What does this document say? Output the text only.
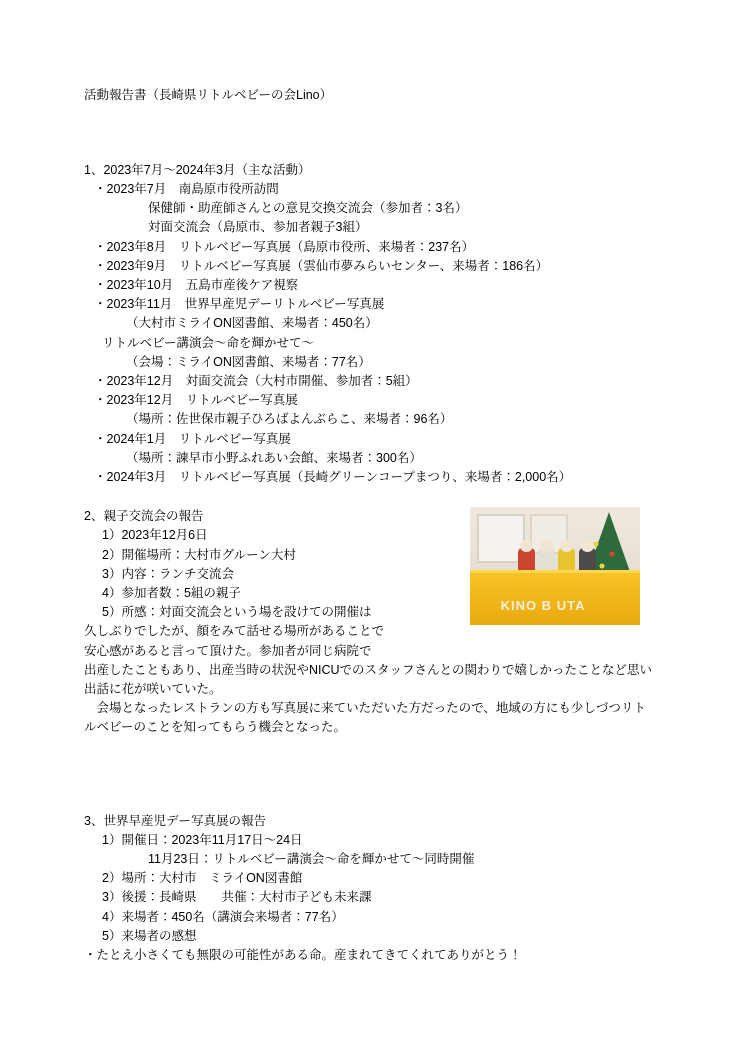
活動報告書（長崎県リトルベビーの会Lino）
1、2023年7月～2024年3月（主な活動）
・2023年7月　南島原市役所訪問
保健師・助産師さんとの意見交換交流会（参加者：3名）
対面交流会（島原市、参加者親子3組）
・2023年8月　リトルベビー写真展（島原市役所、来場者：237名）
・2023年9月　リトルベビー写真展（雲仙市夢みらいセンター、来場者：186名）
・2023年10月　五島市産後ケア視察
・2023年11月　世界早産児デーリトルベビー写真展
（大村市ミライON図書館、来場者：450名）
リトルベビー講演会～命を輝かせて～
（会場：ミライON図書館、来場者：77名）
・2023年12月　対面交流会（大村市開催、参加者：5組）
・2023年12月　リトルベビー写真展
（場所：佐世保市親子ひろばよんぶらこ、来場者：96名）
・2024年1月　リトルベビー写真展
（場所：諫早市小野ふれあい会館、来場者：300名）
・2024年3月　リトルベビー写真展（長崎グリーンコープまつり、来場者：2,000名）
KINO B UTA
2、親子交流会の報告
1）2023年12月6日
2）開催場所：大村市グルーン大村
3）内容：ランチ交流会
4）参加者数：5組の親子
5）所感：対面交流会という場を設けての開催は
久しぶりでしたが、顔をみて話せる場所があることで
安心感があると言って頂けた。参加者が同じ病院で
出産したこともあり、出産当時の状況やNICUでのスタッフさんとの関わりで嬉しかったことなど思い出話に花が咲いていた。
　会場となったレストランの方も写真展に来ていただいた方だったので、地域の方にも少しづつリトルベビーのことを知ってもらう機会となった。
3、世界早産児デー写真展の報告
1）開催日：2023年11月17日～24日
11月23日：リトルベビー講演会～命を輝かせて～同時開催
2）場所：大村市　ミライON図書館
3）後援：長崎県　　共催：大村市子ども未来課
4）来場者：450名（講演会来場者：77名）
5）来場者の感想
・たとえ小さくても無限の可能性がある命。産まれてきてくれてありがとう！
